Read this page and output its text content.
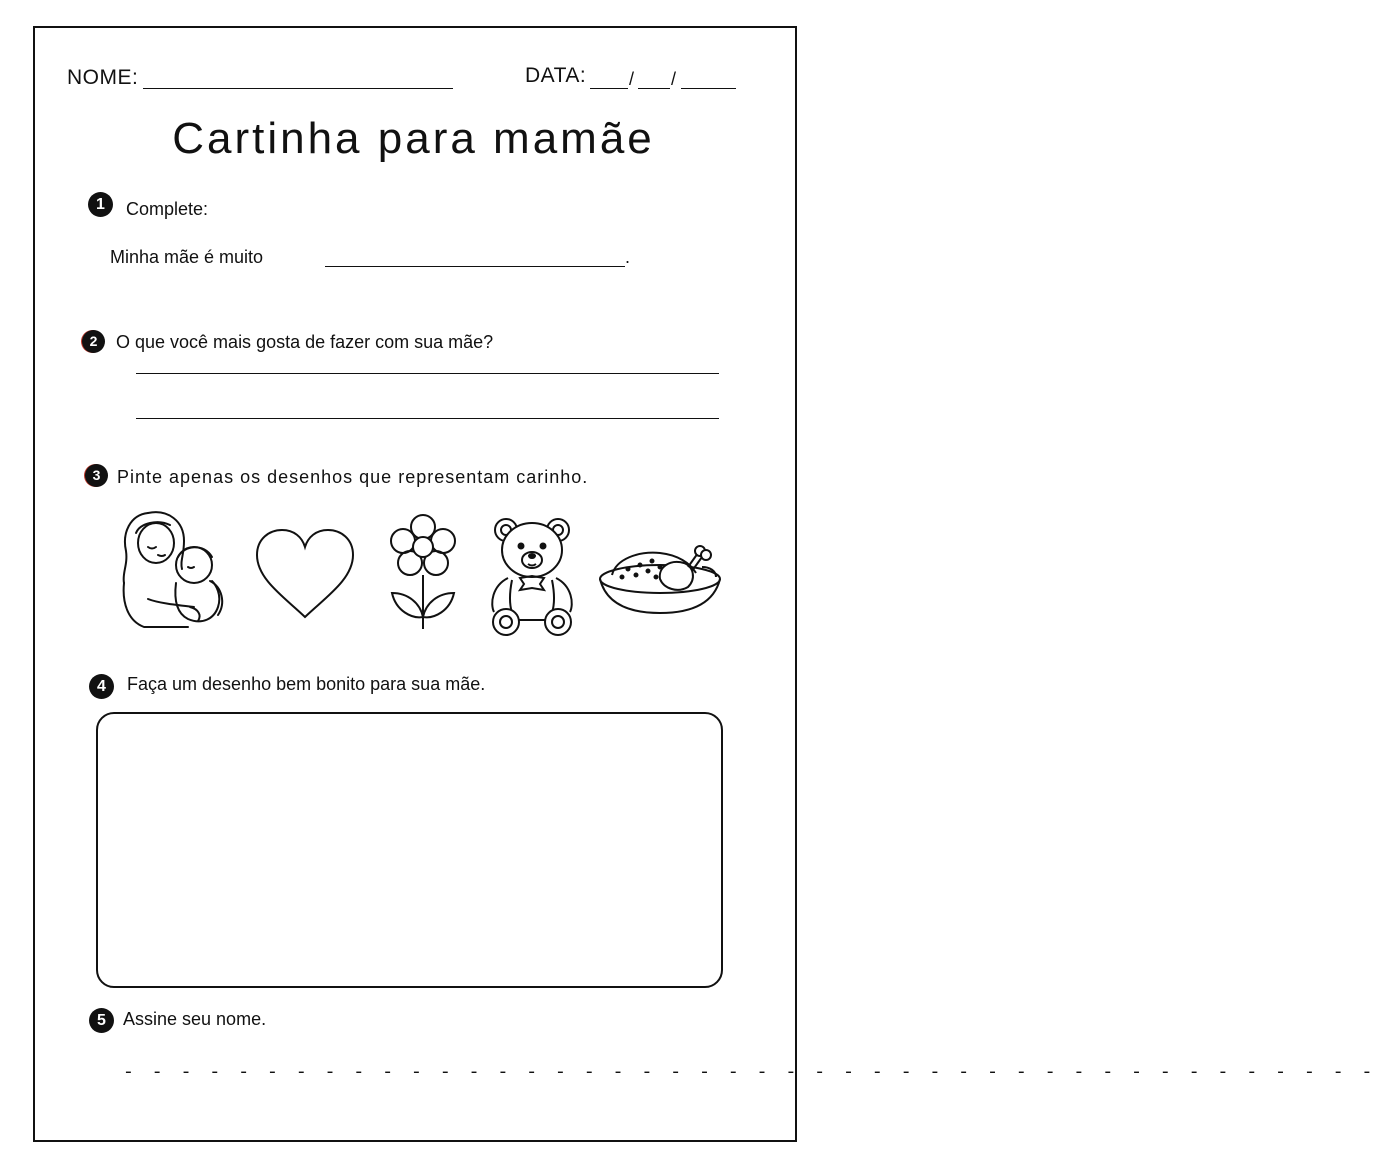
NOME:	DATA: / /
Cartinha para mamãe
1	Complete:
Minha mãe é muito	.
2	O que você mais gosta de fazer com sua mãe?
3 Pinte apenas os desenhos que representam carinho.
4	Faça um desenho bem bonito para sua mãe.
5 Assine seu nome.
- - - - - - - - - - - - - - - - - - - - - - - - - - - - - - - - - - - - - - - - - - - -
